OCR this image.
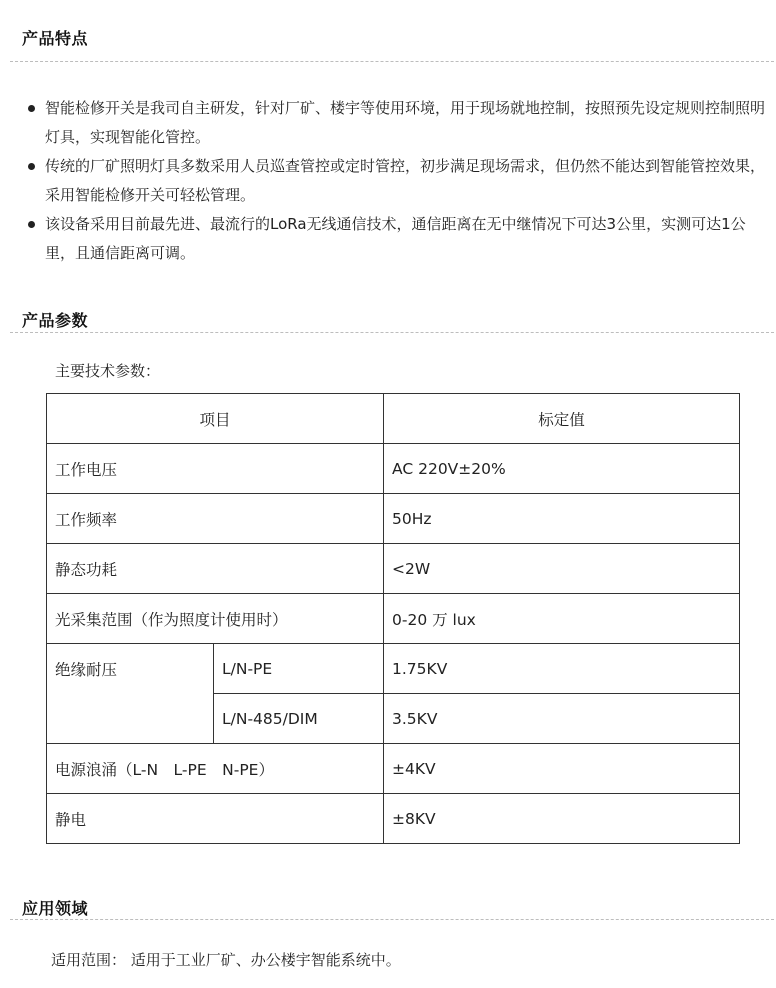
产品特点
智能检修开关是我司自主研发，针对厂矿、楼宇等使用环境，用于现场就地控制，按照预先设定规则控制照明灯具，实现智能化管控。
传统的厂矿照明灯具多数采用人员巡查管控或定时管控，初步满足现场需求，但仍然不能达到智能管控效果，采用智能检修开关可轻松管理。
该设备采用目前最先进、最流行的LoRa无线通信技术，通信距离在无中继情况下可达3公里，实测可达1公里，且通信距离可调。
产品参数
主要技术参数：
项目		标定值
工作电压		AC 220V±20%
工作频率		50Hz
静态功耗		<2W
光采集范围（作为照度计使用时）		0-20 万 lux
绝缘耐压	L/N-PE	1.75KV
	L/N-485/DIM	3.5KV
电源浪涌（L-N　L-PE　N-PE）		±4KV
静电		±8KV
应用领域
适用范围： 适用于工业厂矿、办公楼宇智能系统中。
